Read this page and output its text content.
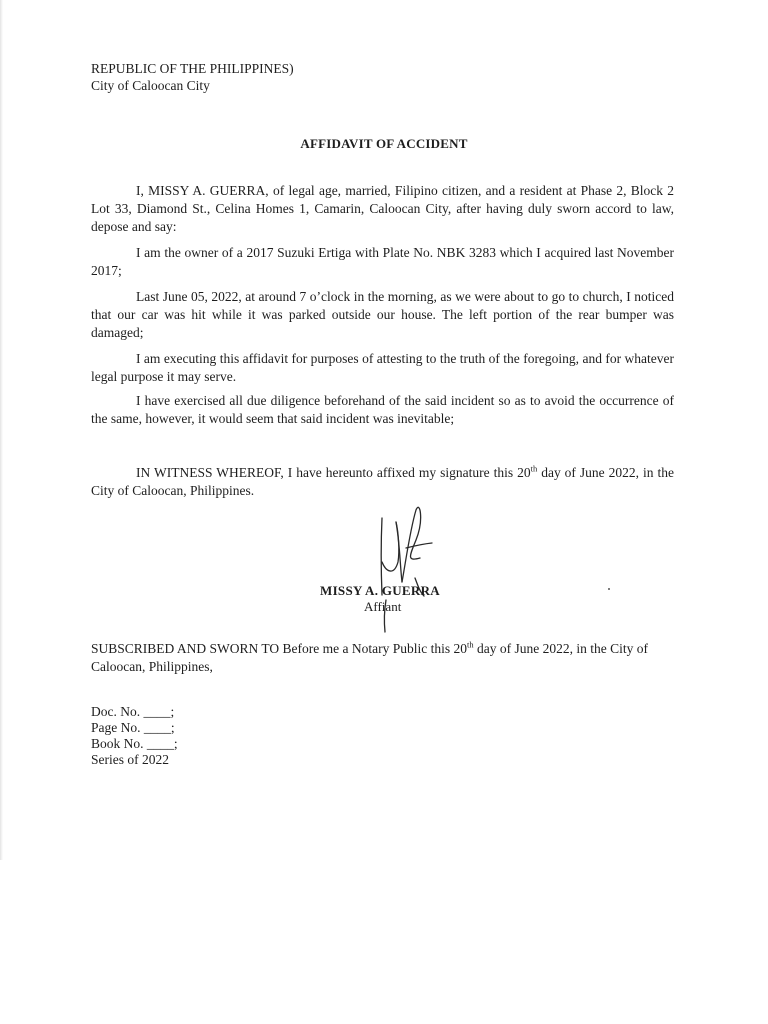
REPUBLIC OF THE PHILIPPINES)
City of Caloocan City
AFFIDAVIT OF ACCIDENT

I, MISSY A. GUERRA, of legal age, married, Filipino citizen, and a resident at Phase 2, Block 2 Lot 33, Diamond St., Celina Homes 1, Camarin, Caloocan City, after having duly sworn accord to law, depose and say:

I am the owner of a 2017 Suzuki Ertiga with Plate No. NBK 3283 which I acquired last November 2017;

Last June 05, 2022, at around 7 o’clock in the morning, as we were about to go to church, I noticed that our car was hit while it was parked outside our house. The left portion of the rear bumper was damaged;

I am executing this affidavit for purposes of attesting to the truth of the foregoing, and for whatever legal purpose it may serve.

I have exercised all due diligence beforehand of the said incident so as to avoid the occurrence of the same, however, it would seem that said incident was inevitable;

IN WITNESS WHEREOF, I have hereunto affixed my signature this 20th day of June 2022, in the City of Caloocan, Philippines.

MISSY A. GUERRA
Affiant

SUBSCRIBED AND SWORN TO Before me a Notary Public this 20th day of June 2022, in the City of Caloocan, Philippines,

Doc. No. ____;
Page No. ____;
Book No. ____;
Series of 2022
